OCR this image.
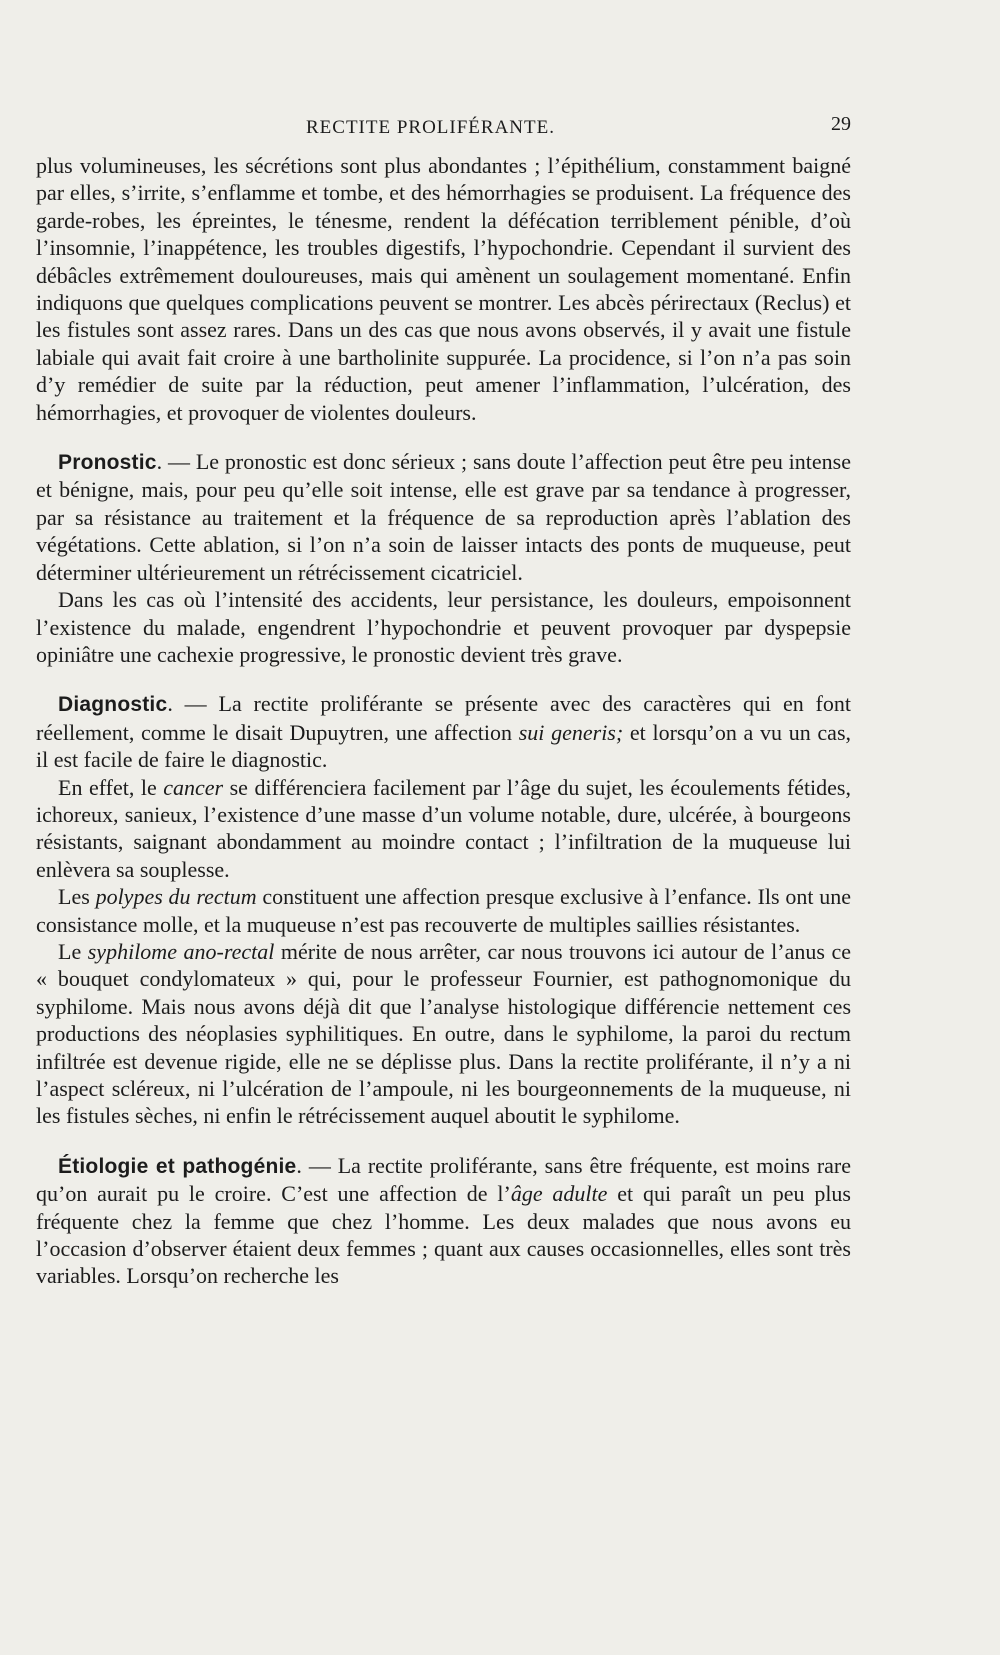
RECTITE PROLIFÉRANTE.	29

plus volumineuses, les sécrétions sont plus abondantes ; l’épithélium, constamment baigné par elles, s’irrite, s’enflamme et tombe, et des hémorrhagies se produisent. La fréquence des garde-robes, les épreintes, le ténesme, rendent la défécation terriblement pénible, d’où l’insomnie, l’inappétence, les troubles digestifs, l’hypochondrie. Cependant il survient des débâcles extrêmement douloureuses, mais qui amènent un soulagement momentané. Enfin indiquons que quelques complications peuvent se montrer. Les abcès périrectaux (Reclus) et les fistules sont assez rares. Dans un des cas que nous avons observés, il y avait une fistule labiale qui avait fait croire à une bartholinite suppurée. La procidence, si l’on n’a pas soin d’y remédier de suite par la réduction, peut amener l’inflammation, l’ulcération, des hémorrhagies, et provoquer de violentes douleurs.

Pronostic. — Le pronostic est donc sérieux ; sans doute l’affection peut être peu intense et bénigne, mais, pour peu qu’elle soit intense, elle est grave par sa tendance à progresser, par sa résistance au traitement et la fréquence de sa reproduction après l’ablation des végétations. Cette ablation, si l’on n’a soin de laisser intacts des ponts de muqueuse, peut déterminer ultérieurement un rétrécissement cicatriciel.

Dans les cas où l’intensité des accidents, leur persistance, les douleurs, empoisonnent l’existence du malade, engendrent l’hypochondrie et peuvent provoquer par dyspepsie opiniâtre une cachexie progressive, le pronostic devient très grave.

Diagnostic. — La rectite proliférante se présente avec des caractères qui en font réellement, comme le disait Dupuytren, une affection sui generis; et lorsqu’on a vu un cas, il est facile de faire le diagnostic.

En effet, le cancer se différenciera facilement par l’âge du sujet, les écoulements fétides, ichoreux, sanieux, l’existence d’une masse d’un volume notable, dure, ulcérée, à bourgeons résistants, saignant abondamment au moindre contact ; l’infiltration de la muqueuse lui enlèvera sa souplesse.

Les polypes du rectum constituent une affection presque exclusive à l’enfance. Ils ont une consistance molle, et la muqueuse n’est pas recouverte de multiples saillies résistantes.

Le syphilome ano-rectal mérite de nous arrêter, car nous trouvons ici autour de l’anus ce « bouquet condylomateux » qui, pour le professeur Fournier, est pathognomonique du syphilome. Mais nous avons déjà dit que l’analyse histologique différencie nettement ces productions des néoplasies syphilitiques. En outre, dans le syphilome, la paroi du rectum infiltrée est devenue rigide, elle ne se déplisse plus. Dans la rectite proliférante, il n’y a ni l’aspect scléreux, ni l’ulcération de l’ampoule, ni les bourgeonnements de la muqueuse, ni les fistules sèches, ni enfin le rétrécissement auquel aboutit le syphilome.

Étiologie et pathogénie. — La rectite proliférante, sans être fréquente, est moins rare qu’on aurait pu le croire. C’est une affection de l’âge adulte et qui paraît un peu plus fréquente chez la femme que chez l’homme. Les deux malades que nous avons eu l’occasion d’observer étaient deux femmes ; quant aux causes occasionnelles, elles sont très variables. Lorsqu’on recherche les
